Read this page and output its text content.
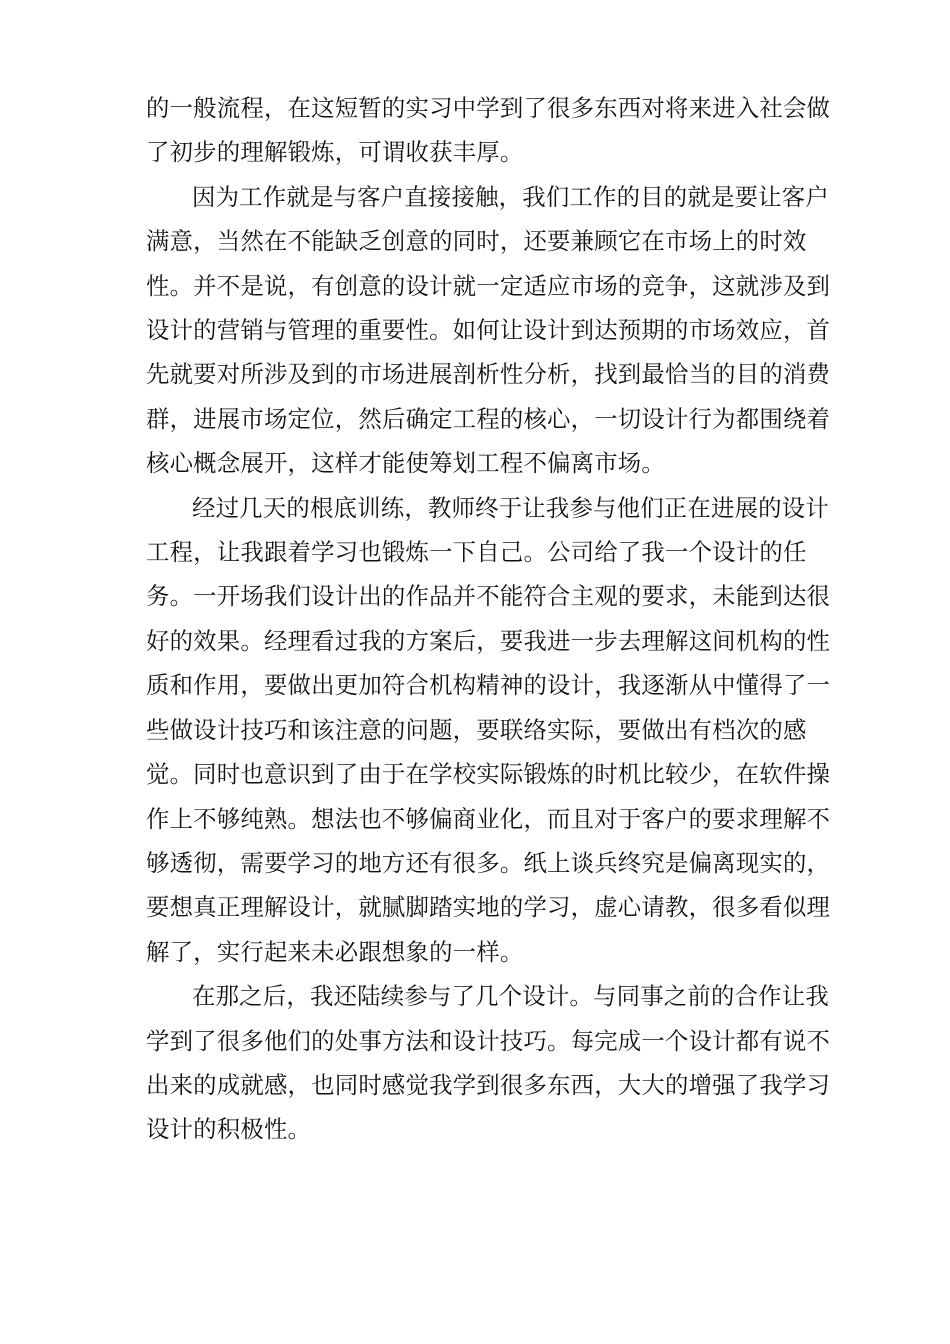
的一般流程，在这短暂的实习中学到了很多东西对将来进入社会做
了初步的理解锻炼，可谓收获丰厚。

因为工作就是与客户直接接触，我们工作的目的就是要让客户
满意，当然在不能缺乏创意的同时，还要兼顾它在市场上的时效
性。并不是说，有创意的设计就一定适应市场的竞争，这就涉及到
设计的营销与管理的重要性。如何让设计到达预期的市场效应，首
先就要对所涉及到的市场进展剖析性分析，找到最恰当的目的消费
群，进展市场定位，然后确定工程的核心，一切设计行为都围绕着
核心概念展开，这样才能使筹划工程不偏离市场。

经过几天的根底训练，教师终于让我参与他们正在进展的设计
工程，让我跟着学习也锻炼一下自己。公司给了我一个设计的任
务。一开场我们设计出的作品并不能符合主观的要求，未能到达很
好的效果。经理看过我的方案后，要我进一步去理解这间机构的性
质和作用，要做出更加符合机构精神的设计，我逐渐从中懂得了一
些做设计技巧和该注意的问题，要联络实际，要做出有档次的感
觉。同时也意识到了由于在学校实际锻炼的时机比较少，在软件操
作上不够纯熟。想法也不够偏商业化，而且对于客户的要求理解不
够透彻，需要学习的地方还有很多。纸上谈兵终究是偏离现实的，
要想真正理解设计，就腻脚踏实地的学习，虚心请教，很多看似理
解了，实行起来未必跟想象的一样。

在那之后，我还陆续参与了几个设计。与同事之前的合作让我
学到了很多他们的处事方法和设计技巧。每完成一个设计都有说不
出来的成就感，也同时感觉我学到很多东西，大大的增强了我学习
设计的积极性。
